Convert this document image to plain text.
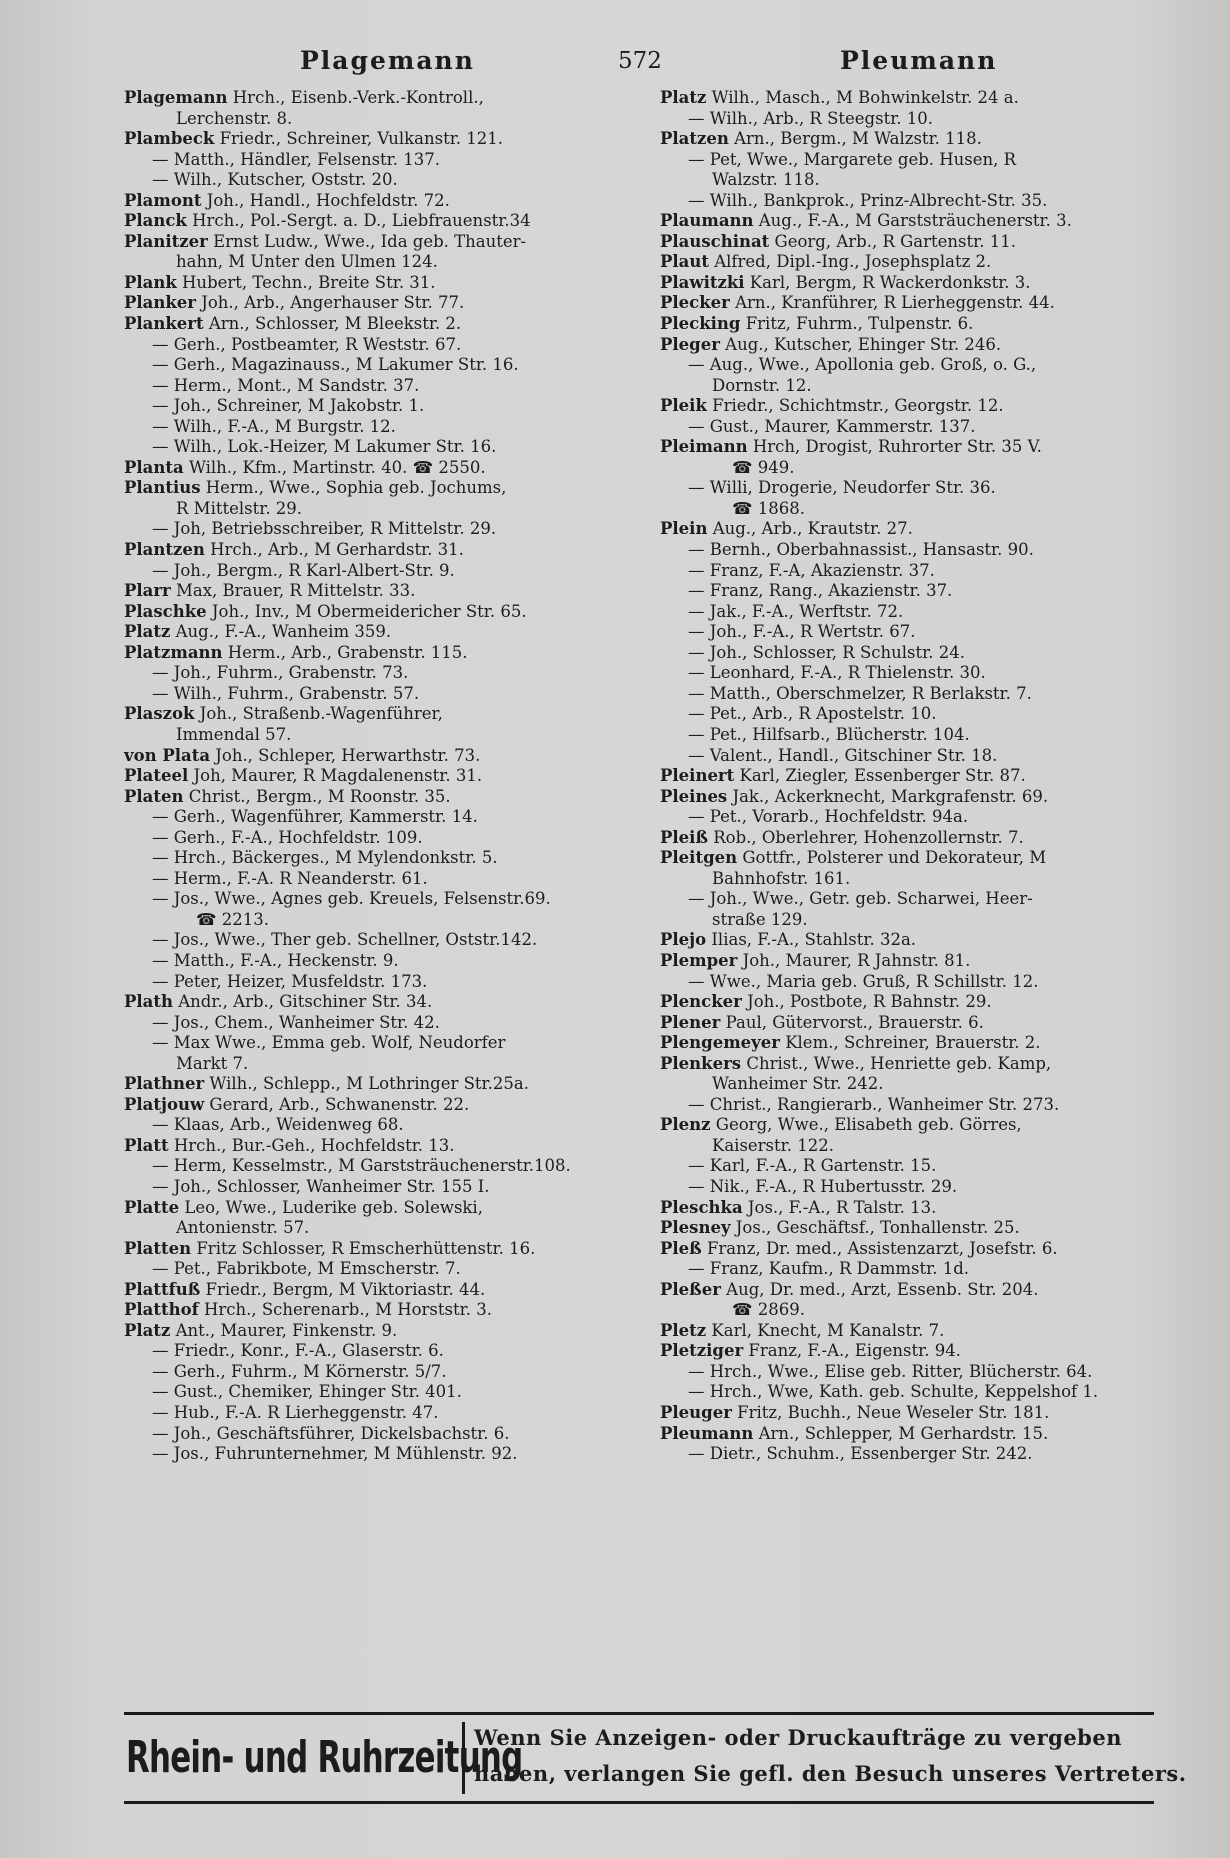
Plagemann	572	Pleumann
Plagemann Hrch., Eisenb.-Verk.-Kontroll.,
Lerchenstr. 8.
Plambeck Friedr., Schreiner, Vulkanstr. 121.
— Matth., Händler, Felsenstr. 137.
— Wilh., Kutscher, Oststr. 20.
Plamont Joh., Handl., Hochfeldstr. 72.
Planck Hrch., Pol.-Sergt. a. D., Liebfrauenstr.34
Planitzer Ernst Ludw., Wwe., Ida geb. Thauter-
hahn, M Unter den Ulmen 124.
Plank Hubert, Techn., Breite Str. 31.
Planker Joh., Arb., Angerhauser Str. 77.
Plankert Arn., Schlosser, M Bleekstr. 2.
— Gerh., Postbeamter, R Weststr. 67.
— Gerh., Magazinauss., M Lakumer Str. 16.
— Herm., Mont., M Sandstr. 37.
— Joh., Schreiner, M Jakobstr. 1.
— Wilh., F.-A., M Burgstr. 12.
— Wilh., Lok.-Heizer, M Lakumer Str. 16.
Planta Wilh., Kfm., Martinstr. 40. ☎ 2550.
Plantius Herm., Wwe., Sophia geb. Jochums,
R Mittelstr. 29.
— Joh, Betriebsschreiber, R Mittelstr. 29.
Plantzen Hrch., Arb., M Gerhardstr. 31.
— Joh., Bergm., R Karl-Albert-Str. 9.
Plarr Max, Brauer, R Mittelstr. 33.
Plaschke Joh., Inv., M Obermeidericher Str. 65.
Platz Aug., F.-A., Wanheim 359.
Platzmann Herm., Arb., Grabenstr. 115.
— Joh., Fuhrm., Grabenstr. 73.
— Wilh., Fuhrm., Grabenstr. 57.
Plaszok Joh., Straßenb.-Wagenführer,
Immendal 57.
von Plata Joh., Schleper, Herwarthstr. 73.
Plateel Joh, Maurer, R Magdalenenstr. 31.
Platen Christ., Bergm., M Roonstr. 35.
— Gerh., Wagenführer, Kammerstr. 14.
— Gerh., F.-A., Hochfeldstr. 109.
— Hrch., Bäckerges., M Mylendonkstr. 5.
— Herm., F.-A. R Neanderstr. 61.
— Jos., Wwe., Agnes geb. Kreuels, Felsenstr.69.
☎ 2213.
— Jos., Wwe., Ther geb. Schellner, Oststr.142.
— Matth., F.-A., Heckenstr. 9.
— Peter, Heizer, Musfeldstr. 173.
Plath Andr., Arb., Gitschiner Str. 34.
— Jos., Chem., Wanheimer Str. 42.
— Max Wwe., Emma geb. Wolf, Neudorfer
Markt 7.
Plathner Wilh., Schlepp., M Lothringer Str.25a.
Platjouw Gerard, Arb., Schwanenstr. 22.
— Klaas, Arb., Weidenweg 68.
Platt Hrch., Bur.-Geh., Hochfeldstr. 13.
— Herm, Kesselmstr., M Garststräuchenerstr.108.
— Joh., Schlosser, Wanheimer Str. 155 I.
Platte Leo, Wwe., Luderike geb. Solewski,
Antonienstr. 57.
Platten Fritz Schlosser, R Emscherhüttenstr. 16.
— Pet., Fabrikbote, M Emscherstr. 7.
Plattfuß Friedr., Bergm, M Viktoriastr. 44.
Platthof Hrch., Scherenarb., M Horststr. 3.
Platz Ant., Maurer, Finkenstr. 9.
— Friedr., Konr., F.-A., Glaserstr. 6.
— Gerh., Fuhrm., M Körnerstr. 5/7.
— Gust., Chemiker, Ehinger Str. 401.
— Hub., F.-A. R Lierheggenstr. 47.
— Joh., Geschäftsführer, Dickelsbachstr. 6.
— Jos., Fuhrunternehmer, M Mühlenstr. 92.
Platz Wilh., Masch., M Bohwinkelstr. 24 a.
— Wilh., Arb., R Steegstr. 10.
Platzen Arn., Bergm., M Walzstr. 118.
— Pet, Wwe., Margarete geb. Husen, R
Walzstr. 118.
— Wilh., Bankprok., Prinz-Albrecht-Str. 35.
Plaumann Aug., F.-A., M Garststräuchenerstr. 3.
Plauschinat Georg, Arb., R Gartenstr. 11.
Plaut Alfred, Dipl.-Ing., Josephsplatz 2.
Plawitzki Karl, Bergm, R Wackerdonkstr. 3.
Plecker Arn., Kranführer, R Lierheggenstr. 44.
Plecking Fritz, Fuhrm., Tulpenstr. 6.
Pleger Aug., Kutscher, Ehinger Str. 246.
— Aug., Wwe., Apollonia geb. Groß, o. G.,
Dornstr. 12.
Pleik Friedr., Schichtmstr., Georgstr. 12.
— Gust., Maurer, Kammerstr. 137.
Pleimann Hrch, Drogist, Ruhrorter Str. 35 V.
☎ 949.
— Willi, Drogerie, Neudorfer Str. 36.
☎ 1868.
Plein Aug., Arb., Krautstr. 27.
— Bernh., Oberbahnassist., Hansastr. 90.
— Franz, F.-A, Akazienstr. 37.
— Franz, Rang., Akazienstr. 37.
— Jak., F.-A., Werftstr. 72.
— Joh., F.-A., R Wertstr. 67.
— Joh., Schlosser, R Schulstr. 24.
— Leonhard, F.-A., R Thielenstr. 30.
— Matth., Oberschmelzer, R Berlakstr. 7.
— Pet., Arb., R Apostelstr. 10.
— Pet., Hilfsarb., Blücherstr. 104.
— Valent., Handl., Gitschiner Str. 18.
Pleinert Karl, Ziegler, Essenberger Str. 87.
Pleines Jak., Ackerknecht, Markgrafenstr. 69.
— Pet., Vorarb., Hochfeldstr. 94a.
Pleiß Rob., Oberlehrer, Hohenzollernstr. 7.
Pleitgen Gottfr., Polsterer und Dekorateur, M
Bahnhofstr. 161.
— Joh., Wwe., Getr. geb. Scharwei, Heer-
straße 129.
Plejo Ilias, F.-A., Stahlstr. 32a.
Plemper Joh., Maurer, R Jahnstr. 81.
— Wwe., Maria geb. Gruß, R Schillstr. 12.
Plencker Joh., Postbote, R Bahnstr. 29.
Plener Paul, Gütervorst., Brauerstr. 6.
Plengemeyer Klem., Schreiner, Brauerstr. 2.
Plenkers Christ., Wwe., Henriette geb. Kamp,
Wanheimer Str. 242.
— Christ., Rangierarb., Wanheimer Str. 273.
Plenz Georg, Wwe., Elisabeth geb. Görres,
Kaiserstr. 122.
— Karl, F.-A., R Gartenstr. 15.
— Nik., F.-A., R Hubertusstr. 29.
Pleschka Jos., F.-A., R Talstr. 13.
Plesney Jos., Geschäftsf., Tonhallenstr. 25.
Pleß Franz, Dr. med., Assistenzarzt, Josefstr. 6.
— Franz, Kaufm., R Dammstr. 1d.
Pleßer Aug, Dr. med., Arzt, Essenb. Str. 204.
☎ 2869.
Pletz Karl, Knecht, M Kanalstr. 7.
Pletziger Franz, F.-A., Eigenstr. 94.
— Hrch., Wwe., Elise geb. Ritter, Blücherstr. 64.
— Hrch., Wwe, Kath. geb. Schulte, Keppelshof 1.
Pleuger Fritz, Buchh., Neue Weseler Str. 181.
Pleumann Arn., Schlepper, M Gerhardstr. 15.
— Dietr., Schuhm., Essenberger Str. 242.
Rhein- und Ruhrzeitung
Wenn Sie Anzeigen- oder Druckaufträge zu vergeben
haben, verlangen Sie gefl. den Besuch unseres Vertreters.
